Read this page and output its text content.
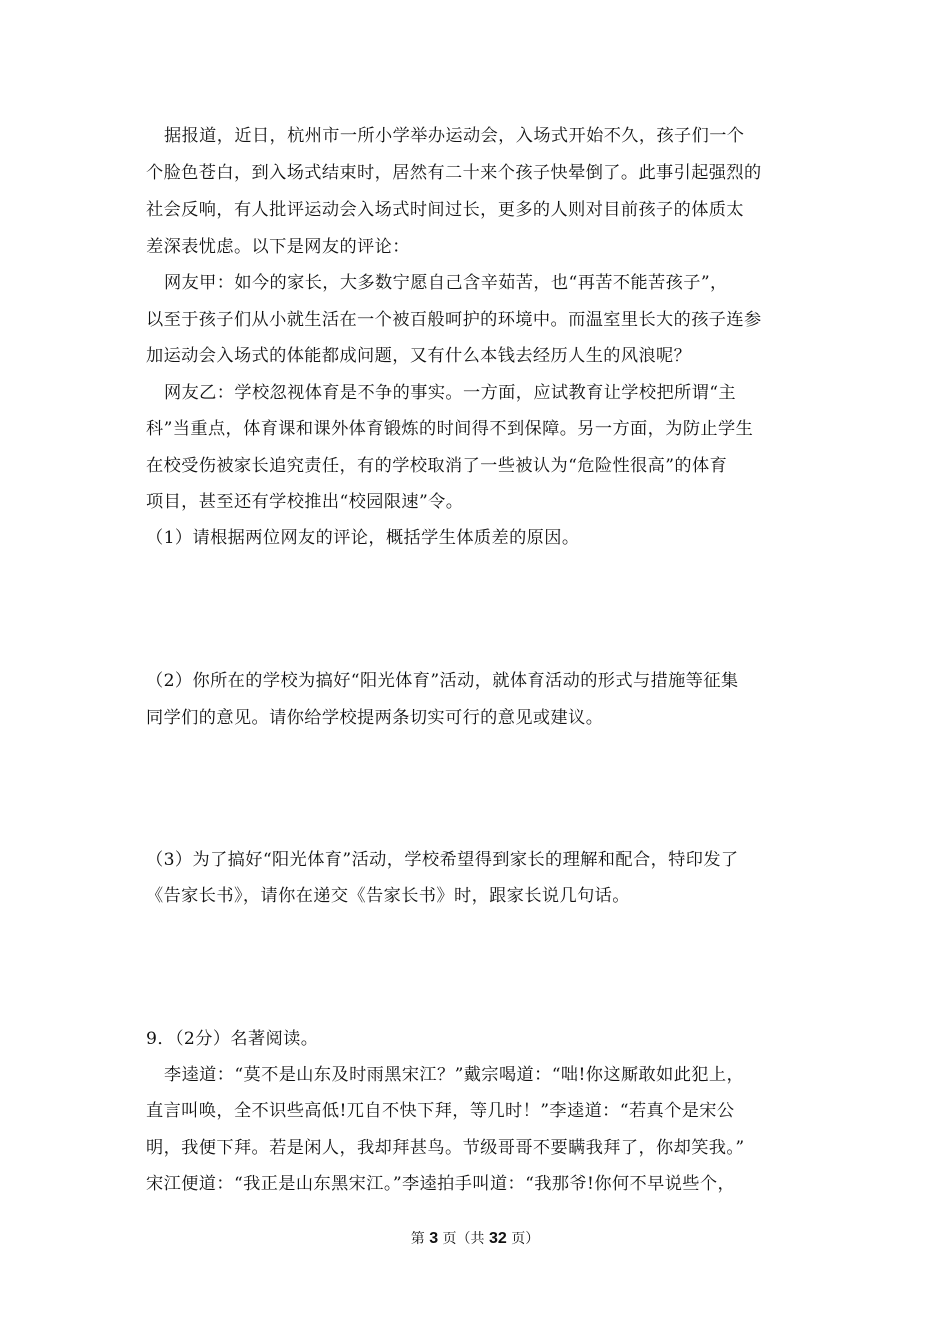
据报道，近日，杭州市一所小学举办运动会，入场式开始不久，孩子们一个
个脸色苍白，到入场式结束时，居然有二十来个孩子快晕倒了。此事引起强烈的
社会反响，有人批评运动会入场式时间过长，更多的人则对目前孩子的体质太
差深表忧虑。以下是网友的评论：
网友甲：如今的家长，大多数宁愿自己含辛茹苦，也“再苦不能苦孩子”，
以至于孩子们从小就生活在一个被百般呵护的环境中。而温室里长大的孩子连参
加运动会入场式的体能都成问题，又有什么本钱去经历人生的风浪呢？
网友乙：学校忽视体育是不争的事实。一方面，应试教育让学校把所谓“主
科”当重点，体育课和课外体育锻炼的时间得不到保障。另一方面，为防止学生
在校受伤被家长追究责任，有的学校取消了一些被认为“危险性很高”的体育
项目，甚至还有学校推出“校园限速”令。
（1）请根据两位网友的评论，概括学生体质差的原因。
（2）你所在的学校为搞好“阳光体育”活动，就体育活动的形式与措施等征集
同学们的意见。请你给学校提两条切实可行的意见或建议。
（3）为了搞好“阳光体育”活动，学校希望得到家长的理解和配合，特印发了
《告家长书》，请你在递交《告家长书》时，跟家长说几句话。
9．（2分）名著阅读。
李逵道：“莫不是山东及时雨黑宋江？”戴宗喝道：“咄!你这厮敢如此犯上，
直言叫唤，全不识些高低!兀自不快下拜，等几时！”李逵道：“若真个是宋公
明，我便下拜。若是闲人，我却拜甚鸟。节级哥哥不要瞒我拜了，你却笑我。”
宋江便道：“我正是山东黑宋江。”李逵拍手叫道：“我那爷!你何不早说些个，
第 3 页（共 32 页）
